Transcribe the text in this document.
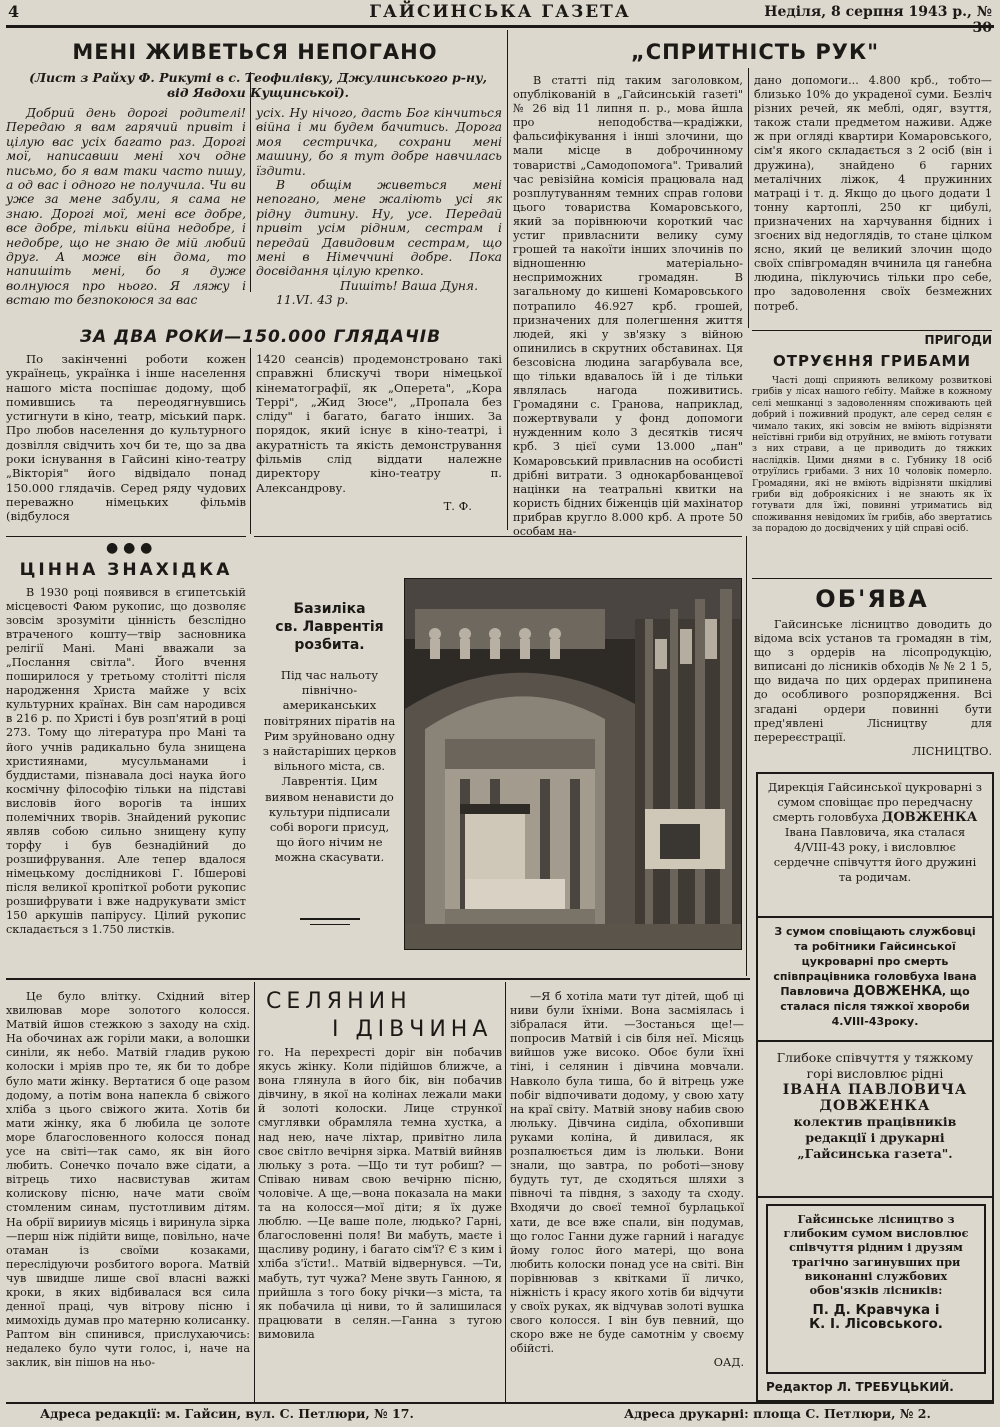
4	ГАЙСИНСЬКА ГАЗЕТА	Неділя, 8 серпня 1943 р., № 30
МЕНІ ЖИВЕТЬСЯ НЕПОГАНО
(Лист з Райху Ф. Рикуті в с. Теофилівку, Джулинського р-ну, від Явдохи Кущинської).

Добрий день дорогі родителі! Передаю я вам гарячий привіт і цілую вас усіх багато раз. Дорогі мої, написавши мені хоч одне письмо, бо я вам таки часто пишу, а од вас і одного не получила. Чи ви уже за мене забули, я сама не знаю. Дорогі мої, мені все добре, все добре, тільки війна недобре, і недобре, що не знаю де мій любий друг. А може він дома, то напишіть мені, бо я дуже волнуюся про нього. Я ляжу і встаю то безпокоюся за вас

усіх. Ну нічого, дасть Бог кінчиться війна і ми будем бачитись. Дорога моя сестричка, сохрани мені машину, бо я тут добре навчилась їздити.

В общім живеться мені непогано, мене жаліють усі як рідну дитину. Ну, усе. Передай привіт усім рідним, сестрам і передай Давидовим сестрам, що мені в Німеччині добре. Пока досвідання цілую крепко.

Пишіть! Ваша Дуня.
11.VI. 43 р.
ЗА ДВА РОКИ—150.000 ГЛЯДАЧІВ

По закінченні роботи кожен українець, українка і інше населення нашого міста поспішає додому, щоб помившись та переодягнувшись устигнути в кіно, театр, міський парк. Про любов населення до культурного дозвілля свідчить хоч би те, що за два роки існування в Гайсині кіно-театру „Вікторія" його відвідало понад 150.000 глядачів. Серед ряду чудових переважно німецьких фільмів (відбулося

1420 сеансів) продемонстровано такі справжні блискучі твори німецької кінематографії, як „Оперета", „Кора Террі", „Жид Зюсе", „Пропала без сліду" і багато, багато інших. За порядок, який існує в кіно-театрі, і акуратність та якість демонстрування фільмів слід віддати належне директору кіно-театру п. Александрову.

Т. Ф.
„СПРИТНІСТЬ РУК"

В статті під таким заголовком, опублікованій в „Гайсинській газеті" № 26 від 11 липня п. р., мова йшла про неподобства—крадіжки, фальсифікування і інші злочини, що мали місце в доброчинному товаристві „Самодопомога". Тривалий час ревізійна комісія працювала над розплутуванням темних справ голови цього товариства Комаровського, який за порівнюючи короткий час устиг привласнити велику суму грошей та накоїти інших злочинів по відношенню матеріально-несприможних громадян. В загальному до кишені Комаровського потрапило 46.927 крб. грошей, призначених для полегшення життя людей, які у зв'язку з війною опинились в скрутних обставинах. Ця безсовісна людина загарбувала все, що тільки вдавалось їй і де тільки являлась нагода поживитись. Громадяни с. Гранова, наприклад, пожертвували у фонд допомоги нужденним коло 3 десятків тисяч крб. З цієї суми 13.000 „пан" Комаровський привласнив на особисті дрібні витрати. З однокарбованцевої націнки на театральні квитки на користь бідних біженців цій махінатор прибрав кругло 8.000 крб. А проте 50 особам на-

дано допомоги... 4.800 крб., тобто—близько 10% до украденої суми. Безліч різних речей, як меблі, одяг, взуття, також стали предметом наживи. Адже ж при огляді квартири Комаровського, сім'я якого складається з 2 осіб (він і дружина), знайдено 6 гарних металічних ліжок, 4 пружинних матраці і т. д. Якщо до цього додати 1 тонну картоплі, 250 кг цибулі, призначених на харчування бідних і згоєних від недоглядів, то стане цілком ясно, який це великий злочин щодо своїх співгромадян вчинила ця ганебна людина, піклуючись тільки про себе, про задоволення своїх безмежних потреб.

ПРИГОДИ
ОТРУЄННЯ ГРИБАМИ

Часті дощі сприяють великому розвиткові грибів у лісах нашого ґебіту. Майже в кожному селі мешканці з задоволенням споживають цей добрий і поживний продукт, але серед селян є чимало таких, які зовсім не вміють відрізняти неїстівні гриби від отруйних, не вміють готувати з них страви, а це приводить до тяжких наслідків. Цими днями в с. Губнику 18 осіб отруїлись грибами. З них 10 чоловік померло. Громадяни, які не вміють відрізняти шкідливі гриби від доброякісних і не знають як їх готувати для їжі, повинні утриматись від споживання невідомих їм грибів, або звертатись за порадою до досвідчених у цій справі осіб.

ОБ'ЯВА

Гайсинське лісництво доводить до відома всіх установ та громадян в тім, що з ордерів на лісопродукцію, виписані до лісників обходів № № 2 1 5, що видача по цих ордерах припинена до особливого розпорядження. Всі згадані ордери повинні бути пред'явлені Лісництву для перереєстрації.

ЛІСНИЦТВО.
● ● ●
ЦІННА ЗНАХІДКА

В 1930 році появився в єгипетській місцевості Фаюм рукопис, що дозволяє зовсім зрозуміти цінність безслідно втраченого кошту—твір засновника релігії Мані. Мані вважали за „Послання світла". Його вчення поширилося у третьому столітті після народження Христа майже у всіх культурних країнах. Він сам народився в 216 р. по Христі і був розп'ятий в році 273. Тому що література про Мані та його учнів радикально була знищена християнами, мусульманами і буддистами, пізнавала досі наука його космічну філософію тільки на підставі висловів його ворогів та інших полемічних творів. Знайдений рукопис являв собою сильно знищену купу торфу і був безнадійний до розшифрування. Але тепер вдалося німецькому дослідникові Г. Ібшерові після великої кропіткої роботи рукопис розшифрувати і вже надрукувати зміст 150 аркушів папірусу. Цілий рукопис складається з 1.750 листків.

Базиліка
св. Лаврентія
розбита.
Під час нальоту північно-американських повітряних піратів на Рим зруйновано одну з найстаріших церков вільного міста, св. Лаврентія. Цим виявом ненависти до культури підписали собі вороги присуд, що його нічим не можна скасувати.
СЕЛЯНИН
І ДІВЧИНА

Це було влітку. Східний вітер хвилював море золотого колосся. Матвій йшов стежкою з заходу на схід. На обочинах аж горіли маки, а волошки синіли, як небо. Матвій гладив рукою колоски і мріяв про те, як би то добре було мати жінку. Вертатися б оце разом додому, а потім вона напекла б свіжого хліба з цього свіжого жита. Хотів би мати жінку, яка б любила це золоте море благословенного колосся понад усе на світі—так само, як він його любить. Сонечко почало вже сідати, а вітрець тихо насвистував житам колискову пісню, наче мати своїм стомленим синам, пустотливим дітям. На обрії вирииув місяць і виринула зірка—перш ніж підійти вище, повільно, наче отаман із своїми козаками, переслідуючи розбитого ворога. Матвій чув швидше лише свої власні важкі кроки, в яких відбивалася вся сила денної праці, чув вітрову пісню і мимохідь думав про матерню колисанку. Раптом він спинився, прислухаючись: недалеко було чути голос, і, наче на заклик, він пішов на ньо-

го. На перехресті доріг він побачив якусь жінку. Коли підійшов ближче, а вона глянула в його бік, він побачив дівчину, в якої на колінах лежали маки й золоті колоски. Лице стрункої смуглявки обрамляла темна хустка, а над нею, наче ліхтар, привітно лила своє світло вечірня зірка. Матвій вийняв люльку з рота. —Що ти тут робиш? —Співаю нивам свою вечірню пісню, чоловіче. А ще,—вона показала на маки та на колосся—мої діти; я їх дуже люблю. —Це ваше поле, людько? Гарні, благословенні поля! Ви мабуть, маєте і щасливу родину, і багато сім'ї? Є з ким і хліба з'їсти!.. Матвій відвернувся. —Ти, мабуть, тут чужа? Мене звуть Ганною, я прийшла з того боку річки—з міста, та як побачила ці ниви, то й залишилася працювати в селян.—Ганна з тугою вимовила

—Я б хотіла мати тут дітей, щоб ці ниви були їхніми. Вона засміялась і зібралася йти. —Зостанься ще!—попросив Матвій і сів біля неї. Місяць вийшов уже високо. Обоє були їхні тіні, і селянин і дівчина мовчали. Навколо була тиша, бо й вітрець уже побіг відпочивати додому, у свою хату на краї світу. Матвій знову набив свою люльку. Дівчина сиділа, обхопивши руками коліна, й дивилася, як розпалюється дим із люльки. Вони знали, що завтра, по роботі—знову будуть тут, де сходяться шляхи з півночі та півдня, з заходу та сходу. Входячи до своєї темної бурлацької хати, де все вже спали, він подумав, що голос Ганни дуже гарний і нагадує йому голос його матері, що вона любить колоски понад усе на світі. Він порівнював з квітками її личко, ніжність і красу якого хотів би відчути у своїх руках, як відчував золоті вушка свого колосся. І він був певний, що скоро вже не буде самотнім у своєму обійсті.

ОАД.
Дирекція Гайсинської цукроварні з сумом сповіщає про передчасну смерть головбуха ДОВЖЕНКА Івана Павловича, яка сталася 4/VIII-43 року, і висловлює сердечне співчуття його дружині та родичам.
З сумом сповіщають службовці та робітники Гайсинської цукроварні про смерть співпрацівника головбуха Івана Павловича ДОВЖЕНКА, що сталася після тяжкої хвороби 4.VIII-43року.
Глибоке співчуття у тяжкому горі висловлює рідні
ІВАНА ПАВЛОВИЧА
ДОВЖЕНКА
колектив працівників редакції і друкарні „Гайсинська газета".
Гайсинське лісництво з глибоким сумом висловлює співчуття рідним і друзям трагічно загинувших при виконанні службових обов'язків лісників:
П. Д. Кравчука і
К. І. Лісовського.
Редактор Л. ТРЕБУЦЬКИЙ.
Адреса редакції: м. Гайсин, вул. С. Петлюри, № 17.	Адреса друкарні: площа С. Петлюри, № 2.
